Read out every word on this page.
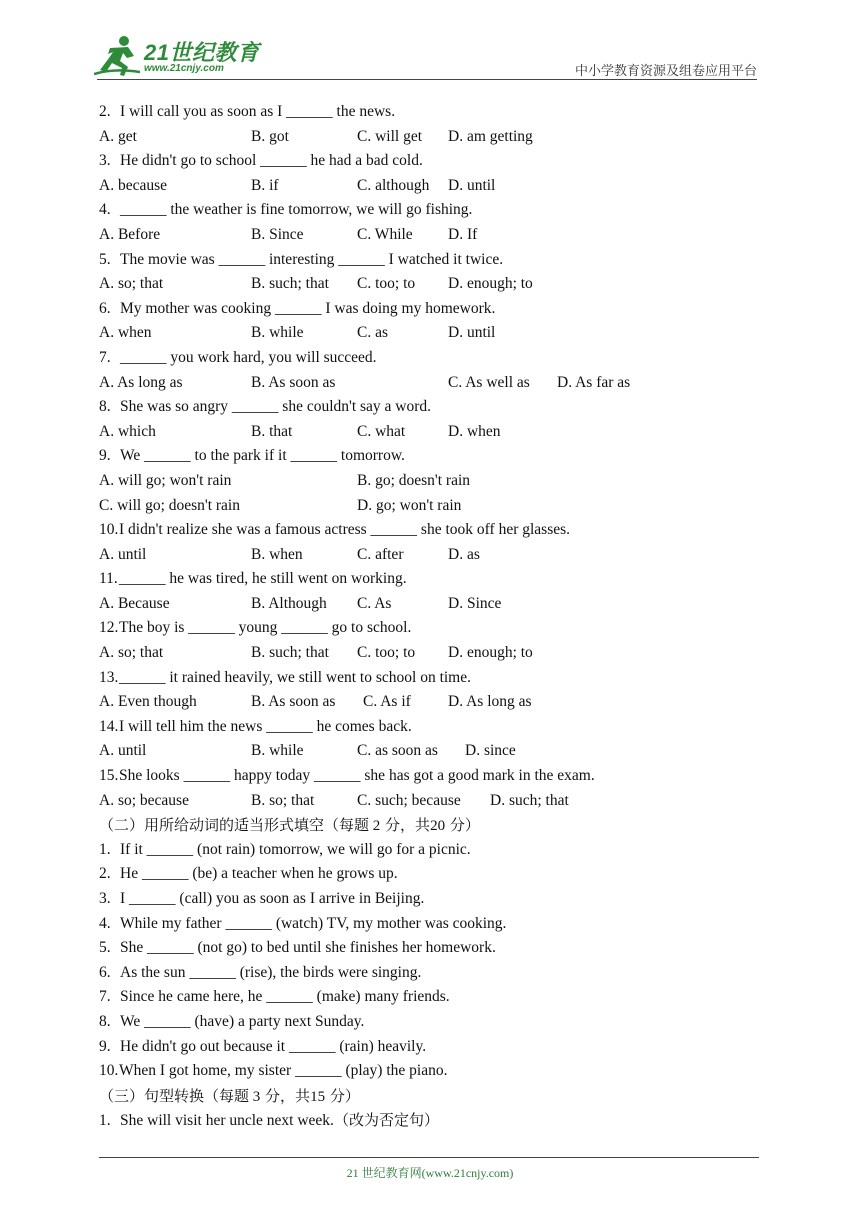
21世纪教育
www.21cnjy.com	中小学教育资源及组卷应用平台
2. I will call you as soon as I ______ the news.
A. get	B. got	C. will get D. am getting
3. He didn't go to school ______ he had a bad cold.
A. because	B. if	C. although D. until
4. ______ the weather is fine tomorrow, we will go fishing.
A. Before	B. Since	C. While D. If
5. The movie was ______ interesting ______ I watched it twice.
A. so; that	B. such; that C. too; to D. enough; to
6. My mother was cooking ______ I was doing my homework.
A. when	B. while	C. as	D. until
7. ______ you work hard, you will succeed.
A. As long as	B. As soon as	C. As well as D. As far as
8. She was so angry ______ she couldn't say a word.
A. which	B. that	C. what	D. when
9. We ______ to the park if it ______ tomorrow.
A. will go; won't rain	B. go; doesn't rain
C. will go; doesn't rain	D. go; won't rain
10.I didn't realize she was a famous actress ______ she took off her glasses.
A. until	B. when	C. after	D. as
11.______ he was tired, he still went on working.
A. Because	B. Although C. As	D. Since
12.The boy is ______ young ______ go to school.
A. so; that	B. such; that C. too; to D. enough; to
13.______ it rained heavily, we still went to school on time.
A. Even though	B. As soon as C. As if D. As long as
14.I will tell him the news ______ he comes back.
A. until	B. while	C. as soon as D. since
15.She looks ______ happy today ______ she has got a good mark in the exam.
A. so; because	B. so; that	C. such; because D. such; that
（二）用所给动词的适当形式填空（每题 2 分，共20 分）
1. If it ______ (not rain) tomorrow, we will go for a picnic.
2. He ______ (be) a teacher when he grows up.
3. I ______ (call) you as soon as I arrive in Beijing.
4. While my father ______ (watch) TV, my mother was cooking.
5. She ______ (not go) to bed until she finishes her homework.
6. As the sun ______ (rise), the birds were singing.
7. Since he came here, he ______ (make) many friends.
8. We ______ (have) a party next Sunday.
9. He didn't go out because it ______ (rain) heavily.
10.When I got home, my sister ______ (play) the piano.
（三）句型转换（每题 3 分，共15 分）
1. She will visit her uncle next week.（改为否定句）
21 世纪教育网(www.21cnjy.com)
